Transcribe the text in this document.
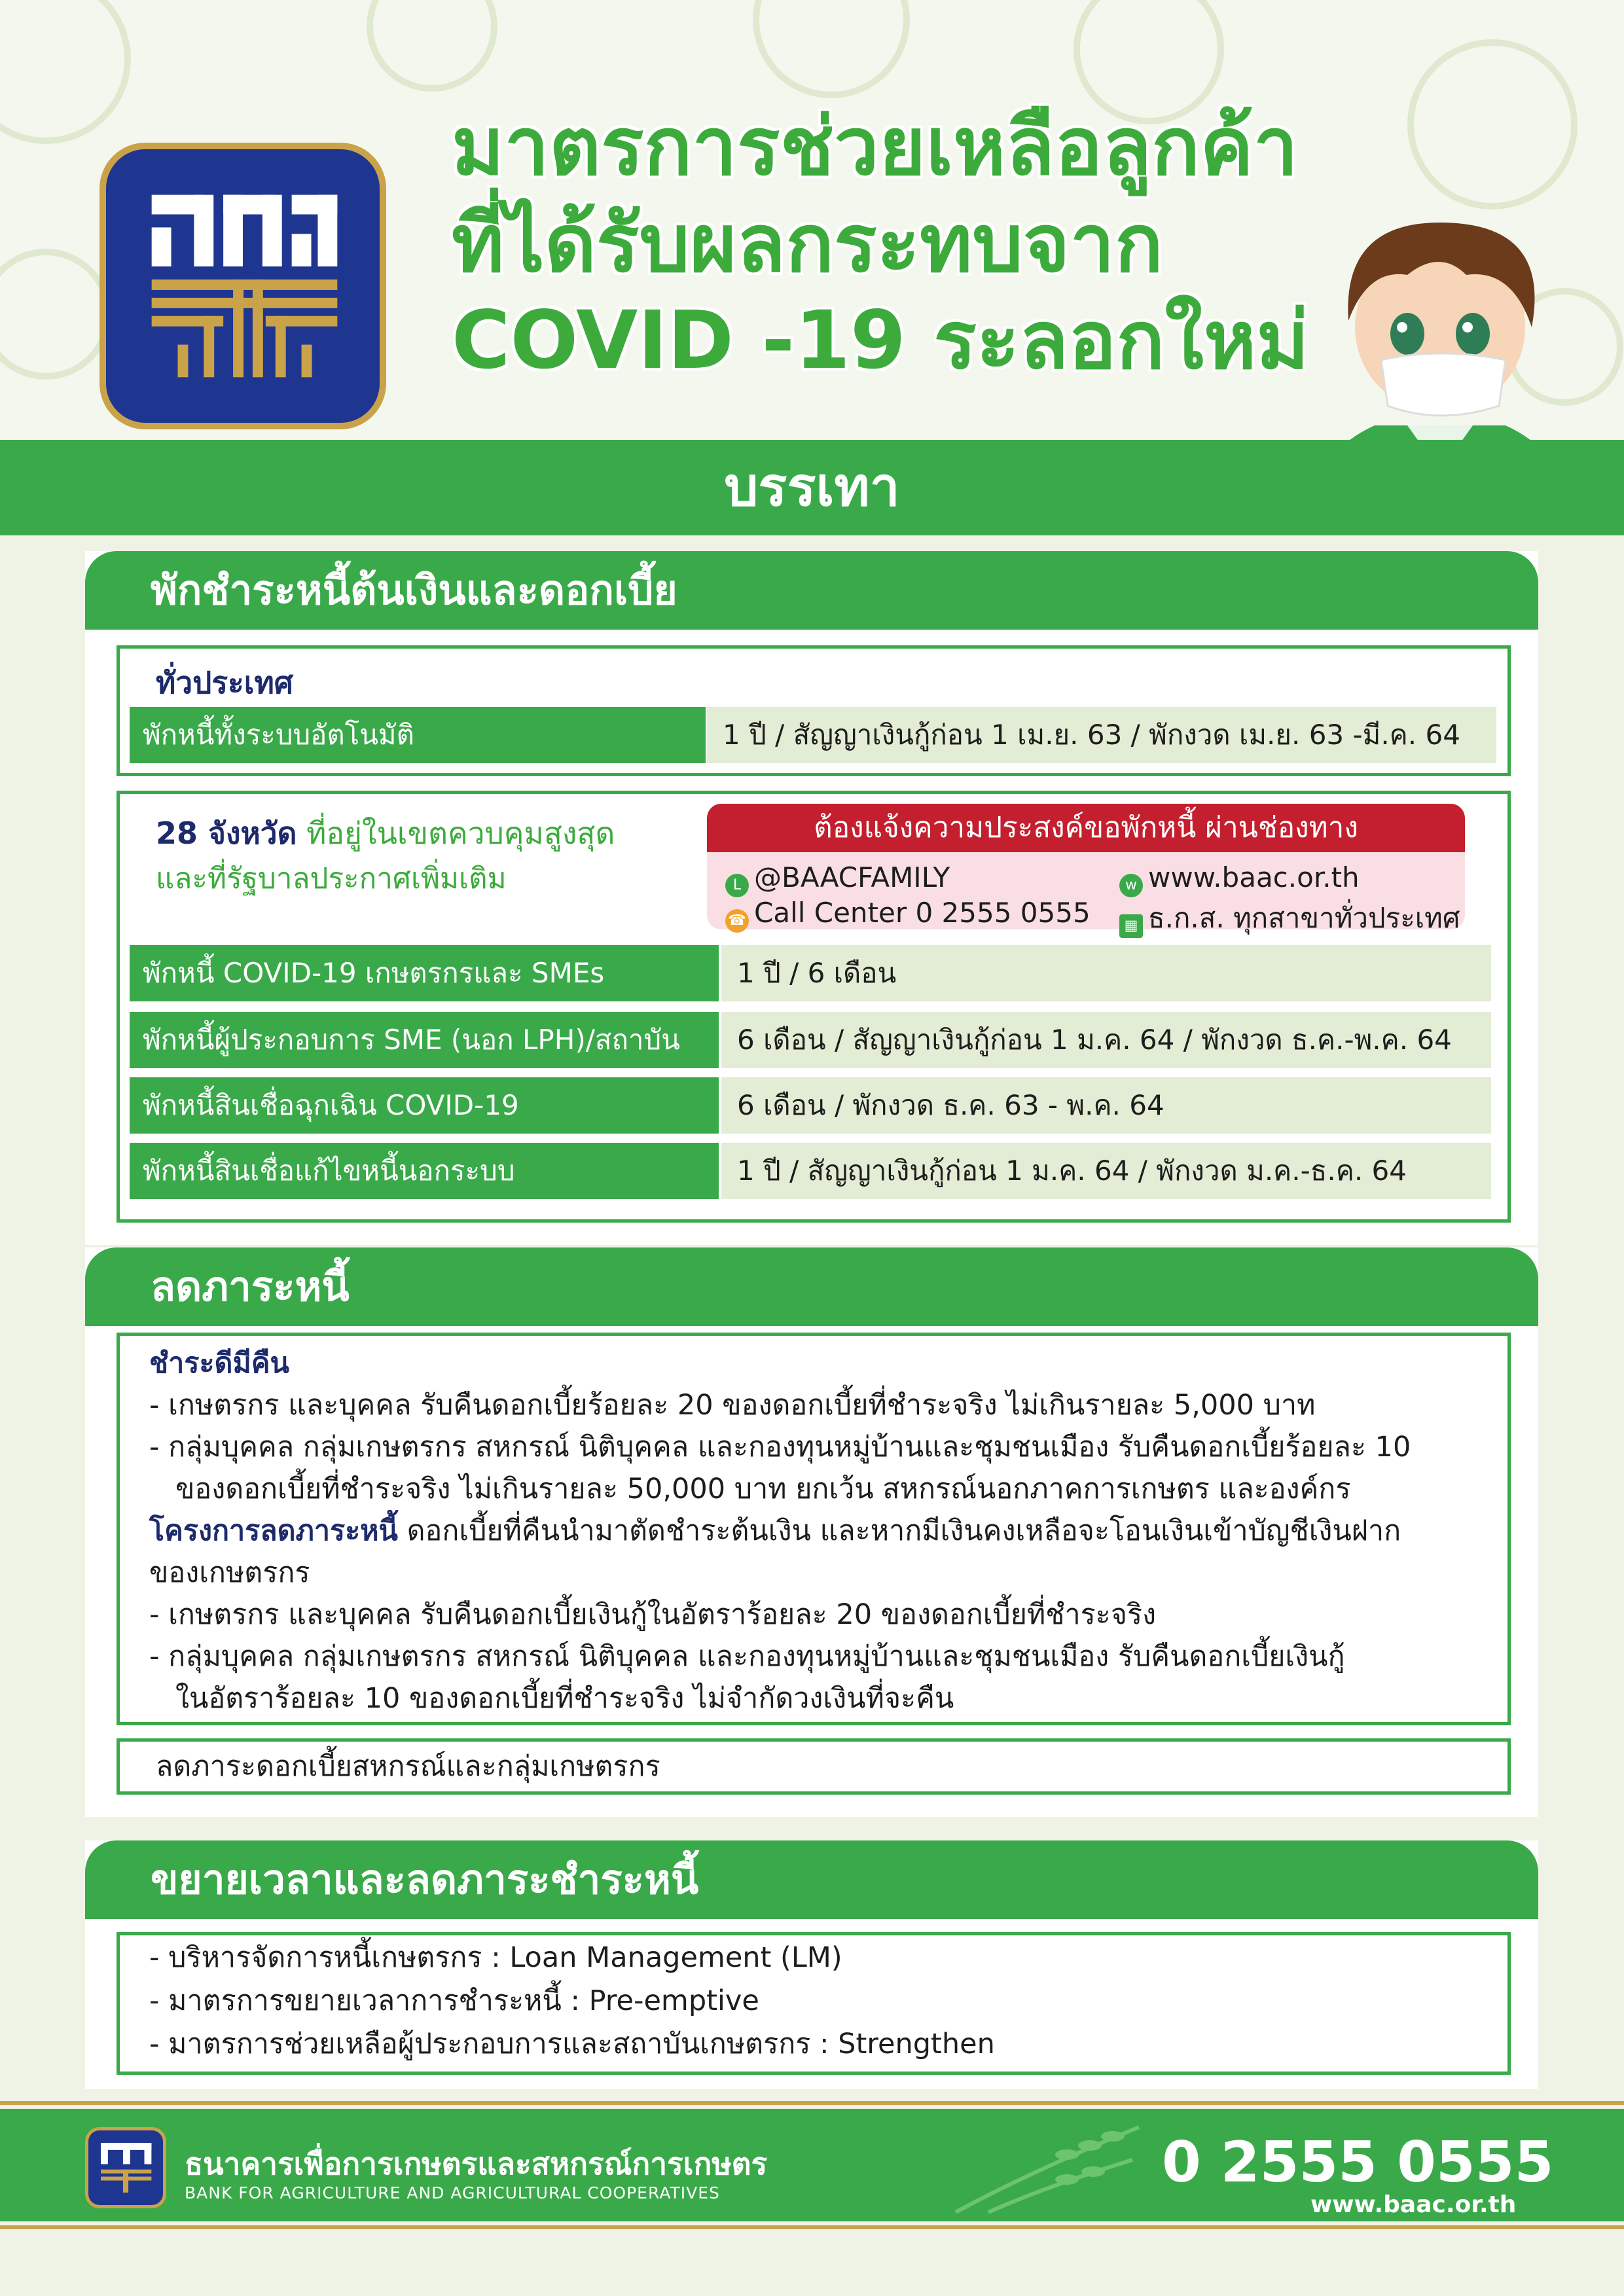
มาตรการช่วยเหลือลูกค้า
ที่ได้รับผลกระทบจาก
COVID -19 ระลอกใหม่
บรรเทา
พักชำระหนี้ต้นเงินและดอกเบี้ย
ทั่วประเทศ
พักหนี้ทั้งระบบอัตโนมัติ	1 ปี / สัญญาเงินกู้ก่อน 1 เม.ย. 63 / พักงวด เม.ย. 63 -มี.ค. 64
28 จังหวัด ที่อยู่ในเขตควบคุมสูงสุด
และที่รัฐบาลประกาศเพิ่มเติม
ต้องแจ้งความประสงค์ขอพักหนี้ ผ่านช่องทาง
L @BAACFAMILY	w www.baac.or.th
☎ Call Center 0 2555 0555	▦ ธ.ก.ส. ทุกสาขาทั่วประเทศ
พักหนี้ COVID-19 เกษตรกรและ SMEs	1 ปี / 6 เดือน
พักหนี้ผู้ประกอบการ SME (นอก LPH)/สถาบัน	6 เดือน / สัญญาเงินกู้ก่อน 1 ม.ค. 64 / พักงวด ธ.ค.-พ.ค. 64
พักหนี้สินเชื่อฉุกเฉิน COVID-19	6 เดือน / พักงวด ธ.ค. 63 - พ.ค. 64
พักหนี้สินเชื่อแก้ไขหนี้นอกระบบ	1 ปี / สัญญาเงินกู้ก่อน 1 ม.ค. 64 / พักงวด ม.ค.-ธ.ค. 64
ลดภาระหนี้
ชำระดีมีคืน
- เกษตรกร และบุคคล รับคืนดอกเบี้ยร้อยละ 20 ของดอกเบี้ยที่ชำระจริง ไม่เกินรายละ 5,000 บาท
- กลุ่มบุคคล กลุ่มเกษตรกร สหกรณ์ นิติบุคคล และกองทุนหมู่บ้านและชุมชนเมือง รับคืนดอกเบี้ยร้อยละ 10
ของดอกเบี้ยที่ชำระจริง ไม่เกินรายละ 50,000 บาท ยกเว้น สหกรณ์นอกภาคการเกษตร และองค์กร
โครงการลดภาระหนี้ ดอกเบี้ยที่คืนนำมาตัดชำระต้นเงิน และหากมีเงินคงเหลือจะโอนเงินเข้าบัญชีเงินฝาก
ของเกษตรกร
- เกษตรกร และบุคคล รับคืนดอกเบี้ยเงินกู้ในอัตราร้อยละ 20 ของดอกเบี้ยที่ชำระจริง
- กลุ่มบุคคล กลุ่มเกษตรกร สหกรณ์ นิติบุคคล และกองทุนหมู่บ้านและชุมชนเมือง รับคืนดอกเบี้ยเงินกู้
ในอัตราร้อยละ 10 ของดอกเบี้ยที่ชำระจริง ไม่จำกัดวงเงินที่จะคืน
ลดภาระดอกเบี้ยสหกรณ์และกลุ่มเกษตรกร
ขยายเวลาและลดภาระชำระหนี้
- บริหารจัดการหนี้เกษตรกร : Loan Management (LM)
- มาตรการขยายเวลาการชำระหนี้ : Pre-emptive
- มาตรการช่วยเหลือผู้ประกอบการและสถาบันเกษตรกร : Strengthen
ธนาคารเพื่อการเกษตรและสหกรณ์การเกษตร
BANK FOR AGRICULTURE AND AGRICULTURAL COOPERATIVES	0 2555 0555
www.baac.or.th
